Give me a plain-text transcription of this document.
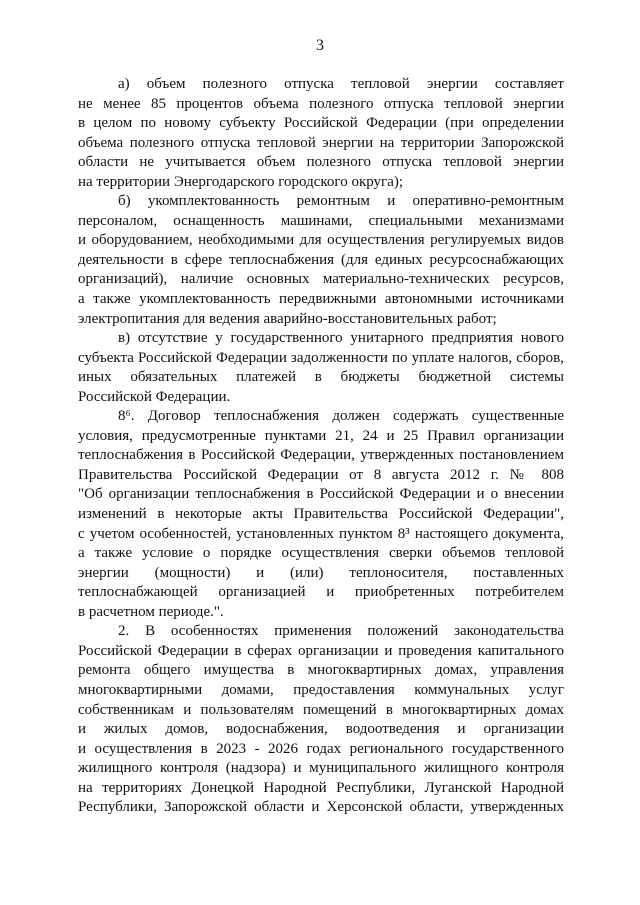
3
а) объем полезного отпуска тепловой энергии составляет
не менее 85 процентов объема полезного отпуска тепловой энергии
в целом по новому субъекту Российской Федерации (при определении
объема полезного отпуска тепловой энергии на территории Запорожской
области не учитывается объем полезного отпуска тепловой энергии
на территории Энергодарского городского округа);
б) укомплектованность ремонтным и оперативно-ремонтным
персоналом, оснащенность машинами, специальными механизмами
и оборудованием, необходимыми для осуществления регулируемых видов
деятельности в сфере теплоснабжения (для единых ресурсоснабжающих
организаций), наличие основных материально-технических ресурсов,
а также укомплектованность передвижными автономными источниками
электропитания для ведения аварийно-восстановительных работ;
в) отсутствие у государственного унитарного предприятия нового
субъекта Российской Федерации задолженности по уплате налогов, сборов,
иных обязательных платежей в бюджеты бюджетной системы
Российской Федерации.
8⁶. Договор теплоснабжения должен содержать существенные
условия, предусмотренные пунктами 21, 24 и 25 Правил организации
теплоснабжения в Российской Федерации, утвержденных постановлением
Правительства Российской Федерации от 8 августа 2012 г. № 808
"Об организации теплоснабжения в Российской Федерации и о внесении
изменений в некоторые акты Правительства Российской Федерации",
с учетом особенностей, установленных пунктом 8³ настоящего документа,
а также условие о порядке осуществления сверки объемов тепловой
энергии (мощности) и (или) теплоносителя, поставленных
теплоснабжающей организацией и приобретенных потребителем
в расчетном периоде.".
2. В особенностях применения положений законодательства
Российской Федерации в сферах организации и проведения капитального
ремонта общего имущества в многоквартирных домах, управления
многоквартирными домами, предоставления коммунальных услуг
собственникам и пользователям помещений в многоквартирных домах
и жилых домов, водоснабжения, водоотведения и организации
и осуществления в 2023 - 2026 годах регионального государственного
жилищного контроля (надзора) и муниципального жилищного контроля
на территориях Донецкой Народной Республики, Луганской Народной
Республики, Запорожской области и Херсонской области, утвержденных
